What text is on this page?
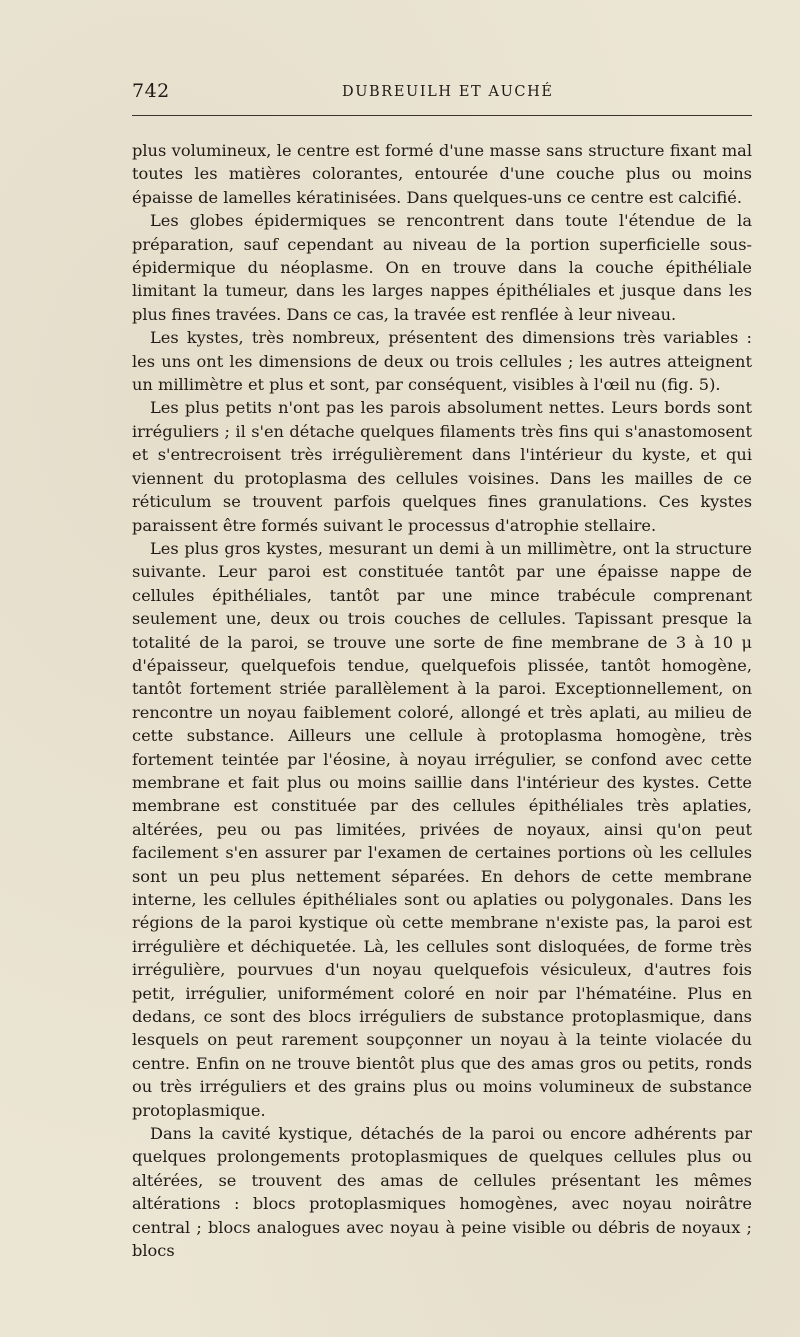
742	DUBREUILH ET AUCHÉ

plus volumineux, le centre est formé d'une masse sans structure fixant mal toutes les matières colorantes, entourée d'une couche plus ou moins épaisse de lamelles kératinisées. Dans quelques-uns ce centre est calcifié.

Les globes épidermiques se rencontrent dans toute l'étendue de la préparation, sauf cependant au niveau de la portion superficielle sous-épidermique du néoplasme. On en trouve dans la couche épithéliale limitant la tumeur, dans les larges nappes épithéliales et jusque dans les plus fines travées. Dans ce cas, la travée est renflée à leur niveau.

Les kystes, très nombreux, présentent des dimensions très variables : les uns ont les dimensions de deux ou trois cellules ; les autres atteignent un millimètre et plus et sont, par conséquent, visibles à l'œil nu (fig. 5).

Les plus petits n'ont pas les parois absolument nettes. Leurs bords sont irréguliers ; il s'en détache quelques filaments très fins qui s'anastomosent et s'entrecroisent très irrégulièrement dans l'intérieur du kyste, et qui viennent du protoplasma des cellules voisines. Dans les mailles de ce réticulum se trouvent parfois quelques fines granulations. Ces kystes paraissent être formés suivant le processus d'atrophie stellaire.

Les plus gros kystes, mesurant un demi à un millimètre, ont la structure suivante. Leur paroi est constituée tantôt par une épaisse nappe de cellules épithéliales, tantôt par une mince trabécule comprenant seulement une, deux ou trois couches de cellules. Tapissant presque la totalité de la paroi, se trouve une sorte de fine membrane de 3 à 10 μ d'épaisseur, quelquefois tendue, quelquefois plissée, tantôt homogène, tantôt fortement striée parallèlement à la paroi. Exceptionnellement, on rencontre un noyau faiblement coloré, allongé et très aplati, au milieu de cette substance. Ailleurs une cellule à protoplasma homogène, très fortement teintée par l'éosine, à noyau irrégulier, se confond avec cette membrane et fait plus ou moins saillie dans l'intérieur des kystes. Cette membrane est constituée par des cellules épithéliales très aplaties, altérées, peu ou pas limitées, privées de noyaux, ainsi qu'on peut facilement s'en assurer par l'examen de certaines portions où les cellules sont un peu plus nettement séparées. En dehors de cette membrane interne, les cellules épithéliales sont ou aplaties ou polygonales. Dans les régions de la paroi kystique où cette membrane n'existe pas, la paroi est irrégulière et déchiquetée. Là, les cellules sont disloquées, de forme très irrégulière, pourvues d'un noyau quelquefois vésiculeux, d'autres fois petit, irrégulier, uniformément coloré en noir par l'hématéine. Plus en dedans, ce sont des blocs irréguliers de substance protoplasmique, dans lesquels on peut rarement soupçonner un noyau à la teinte violacée du centre. Enfin on ne trouve bientôt plus que des amas gros ou petits, ronds ou très irréguliers et des grains plus ou moins volumineux de substance protoplasmique.

Dans la cavité kystique, détachés de la paroi ou encore adhérents par quelques prolongements protoplasmiques de quelques cellules plus ou altérées, se trouvent des amas de cellules présentant les mêmes altérations : blocs protoplasmiques homogènes, avec noyau noirâtre central ; blocs analogues avec noyau à peine visible ou débris de noyaux ; blocs
